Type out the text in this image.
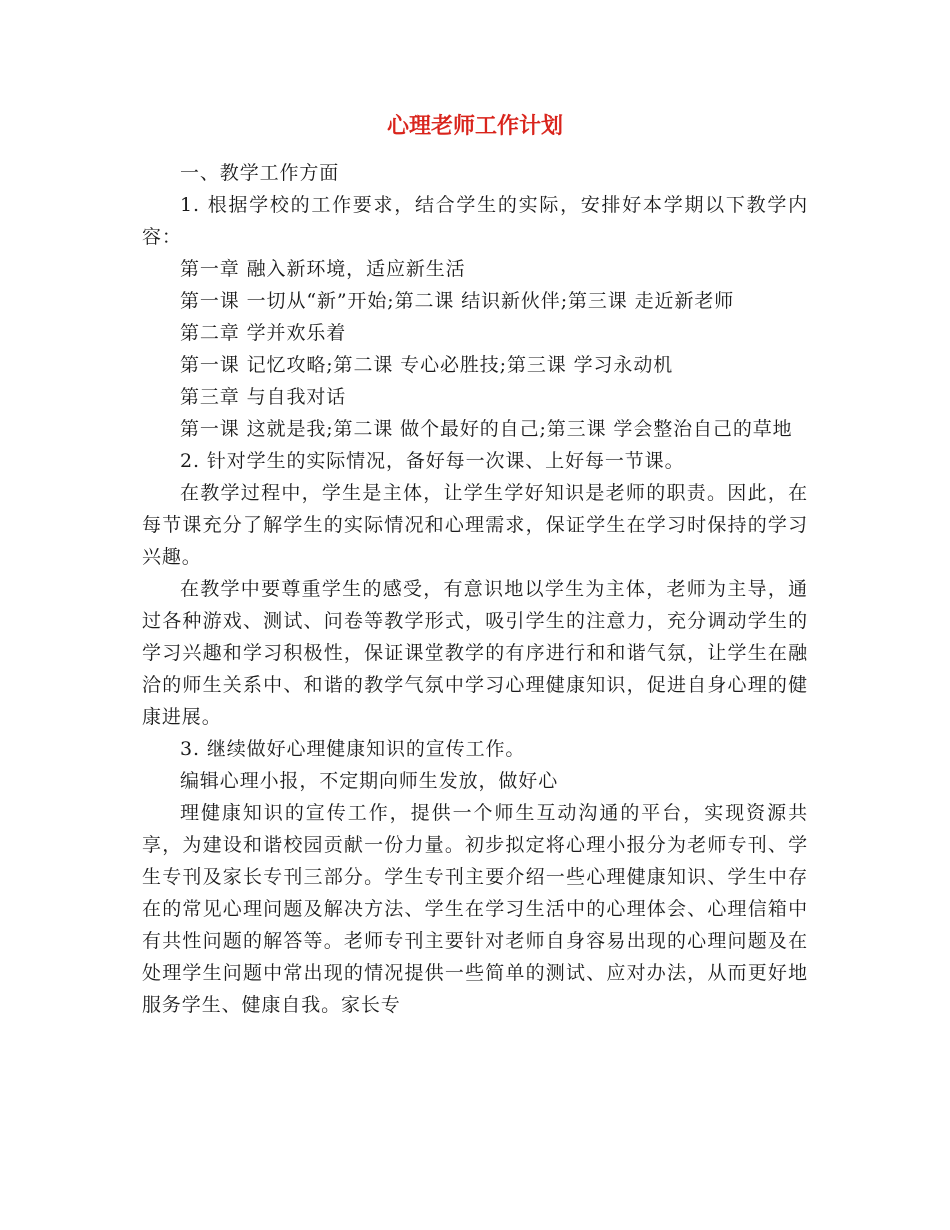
心理老师工作计划

一、教学工作方面

1. 根据学校的工作要求，结合学生的实际，安排好本学期以下教学内容：

第一章 融入新环境，适应新生活

第一课 一切从“新”开始;第二课 结识新伙伴;第三课 走近新老师

第二章 学并欢乐着

第一课 记忆攻略;第二课 专心必胜技;第三课 学习永动机

第三章 与自我对话

第一课 这就是我;第二课 做个最好的自己;第三课 学会整治自己的草地

2. 针对学生的实际情况，备好每一次课、上好每一节课。

在教学过程中，学生是主体，让学生学好知识是老师的职责。因此，在每节课充分了解学生的实际情况和心理需求，保证学生在学习时保持的学习兴趣。

在教学中要尊重学生的感受，有意识地以学生为主体，老师为主导，通过各种游戏、测试、问卷等教学形式，吸引学生的注意力，充分调动学生的学习兴趣和学习积极性，保证课堂教学的有序进行和和谐气氛，让学生在融洽的师生关系中、和谐的教学气氛中学习心理健康知识，促进自身心理的健康进展。

3. 继续做好心理健康知识的宣传工作。

编辑心理小报，不定期向师生发放，做好心

理健康知识的宣传工作，提供一个师生互动沟通的平台，实现资源共享，为建设和谐校园贡献一份力量。初步拟定将心理小报分为老师专刊、学生专刊及家长专刊三部分。学生专刊主要介绍一些心理健康知识、学生中存在的常见心理问题及解决方法、学生在学习生活中的心理体会、心理信箱中有共性问题的解答等。老师专刊主要针对老师自身容易出现的心理问题及在处理学生问题中常出现的情况提供一些简单的测试、应对办法，从而更好地服务学生、健康自我。家长专
